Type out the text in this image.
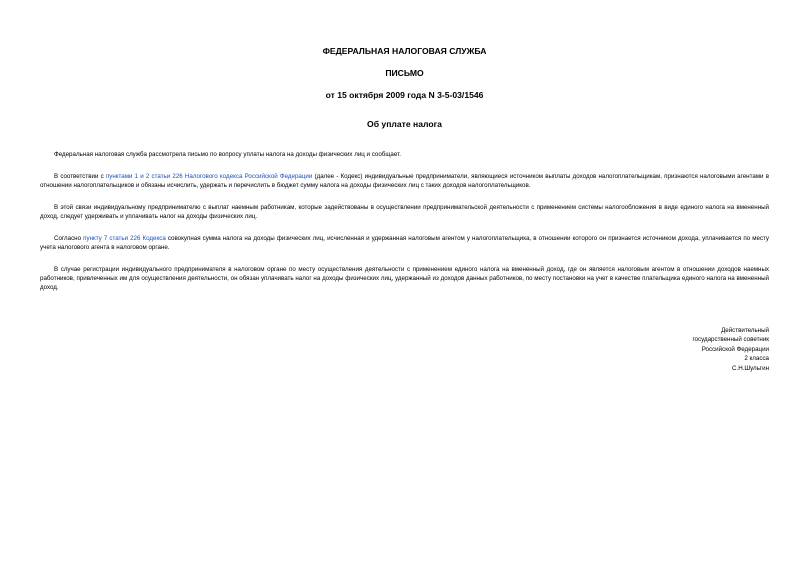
ФЕДЕРАЛЬНАЯ НАЛОГОВАЯ СЛУЖБА
ПИСЬМО
от 15 октября 2009 года N 3-5-03/1546
Об уплате налога

Федеральная налоговая служба рассмотрела письмо по вопросу уплаты налога на доходы физических лиц и сообщает.

В соответствии с пунктами 1 и 2 статьи 226 Налогового кодекса Российской Федерации (далее - Кодекс) индивидуальные предприниматели, являющиеся источником выплаты доходов налогоплательщикам, признаются налоговыми агентами в отношении налогоплательщиков и обязаны исчислить, удержать и перечислить в бюджет сумму налога на доходы физических лиц с таких доходов налогоплательщиков.

В этой связи индивидуальному предпринимателю с выплат наемным работникам, которые задействованы в осуществлении предпринимательской деятельности с применением системы налогообложения в виде единого налога на вмененный доход, следует удерживать и уплачивать налог на доходы физических лиц.

Согласно пункту 7 статьи 226 Кодекса совокупная сумма налога на доходы физических лиц, исчисленная и удержанная налоговым агентом у налогоплательщика, в отношении которого он признается источником дохода, уплачивается по месту учета налогового агента в налоговом органе.

В случае регистрации индивидуального предпринимателя в налоговом органе по месту осуществления деятельности с применением единого налога на вмененный доход, где он является налоговым агентом в отношении доходов наемных работников, привлеченных им для осуществления деятельности, он обязан уплачивать налог на доходы физических лиц, удержанный из доходов данных работников, по месту постановки на учет в качестве плательщика единого налога на вмененный доход.

Действительный
государственный советник
Российской Федерации
2 класса
С.Н.Шульгин
